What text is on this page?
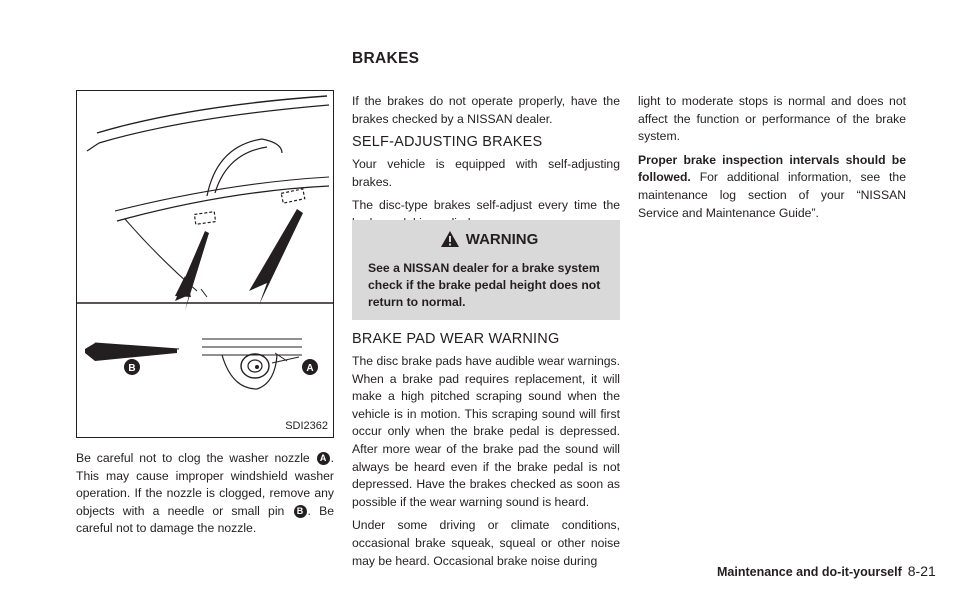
B	A
SDI2362

Be careful not to clog the washer nozzle A . This may cause improper windshield washer operation. If the nozzle is clogged, remove any objects with a needle or small pin B . Be careful not to damage the nozzle.

BRAKES

If the brakes do not operate properly, have the brakes checked by a NISSAN dealer.

SELF-ADJUSTING BRAKES

Your vehicle is equipped with self-adjusting brakes.

The disc-type brakes self-adjust every time the

WARNING
See a NISSAN dealer for a brake system check if the brake pedal height does not return to normal.
BRAKE PAD WEAR WARNING

The disc brake pads have audible wear warnings. When a brake pad requires replacement, it will make a high pitched scraping sound when the vehicle is in motion. This scraping sound will first occur only when the brake pedal is depressed. After more wear of the brake pad the sound will always be heard even if the brake pedal is not depressed. Have the brakes checked as soon as possible if the wear warning sound is heard.

Under some driving or climate conditions, occasional brake squeak, squeal or other noise may be heard. Occasional brake noise during

light to moderate stops is normal and does not affect the function or performance of the brake system.

Proper brake inspection intervals should be followed. For additional information, see the maintenance log section of your “NISSAN Service and Maintenance Guide”.

Maintenance and do-it-yourself 8-21
